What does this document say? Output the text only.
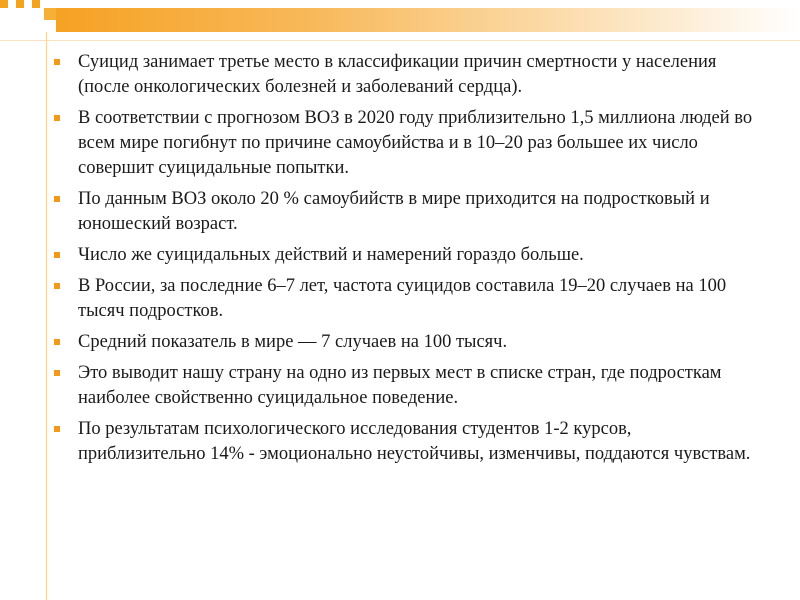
Суицид занимает третье место в классификации причин смертности у населения (после онкологических болезней и заболеваний сердца).
В соответствии с прогнозом ВОЗ в 2020 году приблизительно 1,5 миллиона людей во всем мире погибнут по причине самоубийства и в 10–20 раз большее их число совершит суицидальные попытки.
По данным ВОЗ около 20 % самоубийств в мире приходится на подростковый и юношеский возраст.
Число же суицидальных действий и намерений гораздо больше.
В России, за последние 6–7 лет, частота суицидов составила 19–20 случаев на 100 тысяч подростков.
Средний показатель в мире — 7 случаев на 100 тысяч.
Это выводит нашу страну на одно из первых мест в списке стран, где подросткам наиболее свойственно суицидальное поведение.
По результатам психологического исследования студентов 1-2 курсов, приблизительно 14% - эмоционально неустойчивы, изменчивы, поддаются чувствам.
